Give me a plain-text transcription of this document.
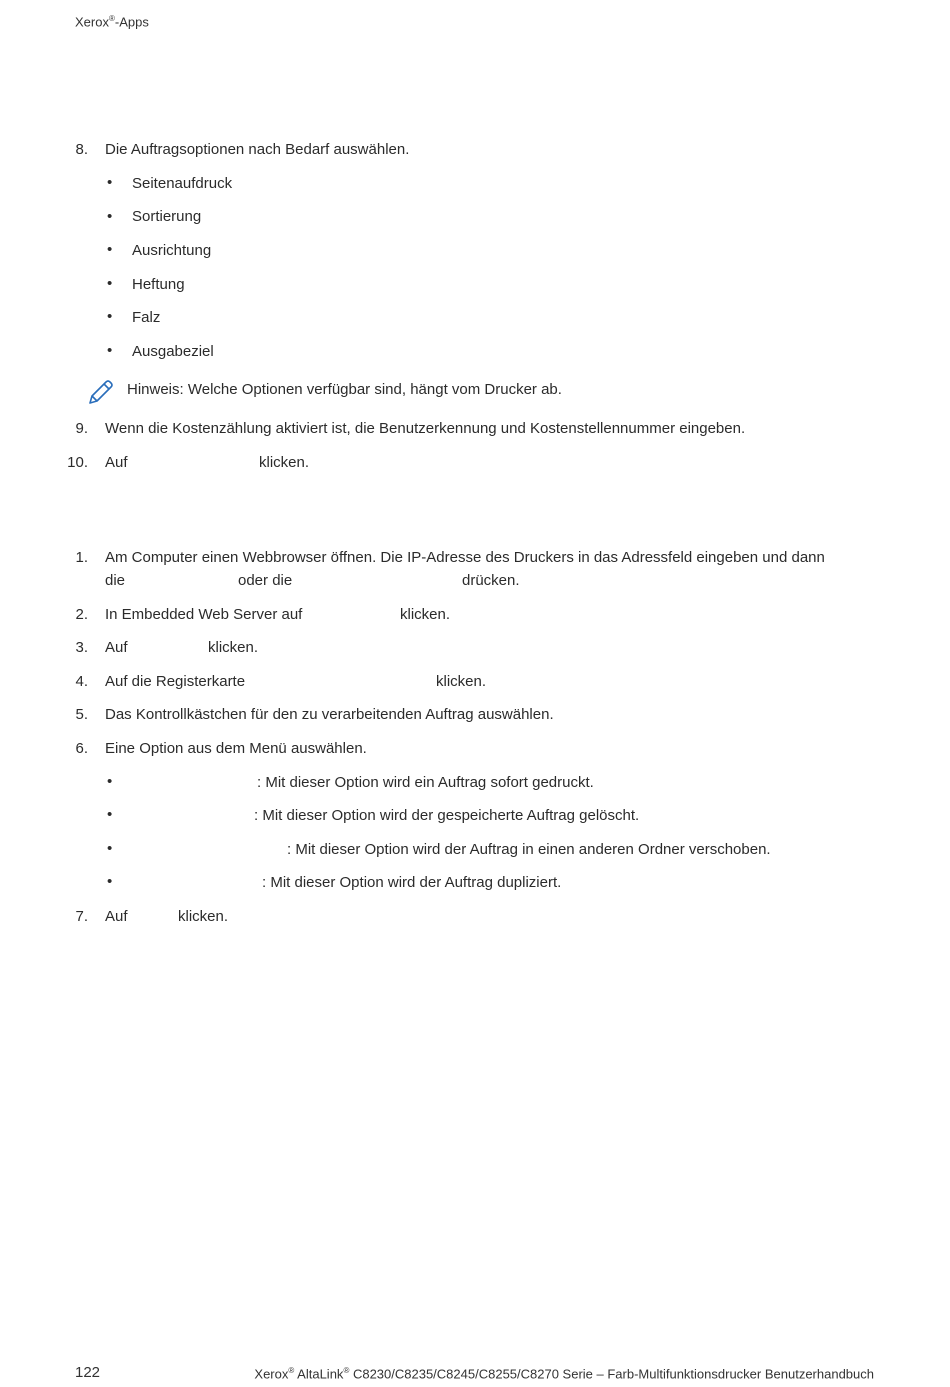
Xerox®-Apps
8. Die Auftragsoptionen nach Bedarf auswählen.
• Seitenaufdruck
• Sortierung
• Ausrichtung
• Heftung
• Falz
• Ausgabeziel
Hinweis: Welche Optionen verfügbar sind, hängt vom Drucker ab.
9. Wenn die Kostenzählung aktiviert ist, die Benutzerkennung und Kostenstellennummer eingeben.
10. Auf	klicken.
1. Am Computer einen Webbrowser öffnen. Die IP-Adresse des Druckers in das Adressfeld eingeben und dann
die	oder die	drücken.
2. In Embedded Web Server auf	klicken.
3. Auf	klicken.
4. Auf die Registerkarte	klicken.
5. Das Kontrollkästchen für den zu verarbeitenden Auftrag auswählen.
6. Eine Option aus dem Menü auswählen.
•	: Mit dieser Option wird ein Auftrag sofort gedruckt.
•	: Mit dieser Option wird der gespeicherte Auftrag gelöscht.
•	: Mit dieser Option wird der Auftrag in einen anderen Ordner verschoben.
•	: Mit dieser Option wird der Auftrag dupliziert.
7. Auf	klicken.
122	Xerox® AltaLink® C8230/C8235/C8245/C8255/C8270 Serie – Farb-Multifunktionsdrucker Benutzerhandbuch
